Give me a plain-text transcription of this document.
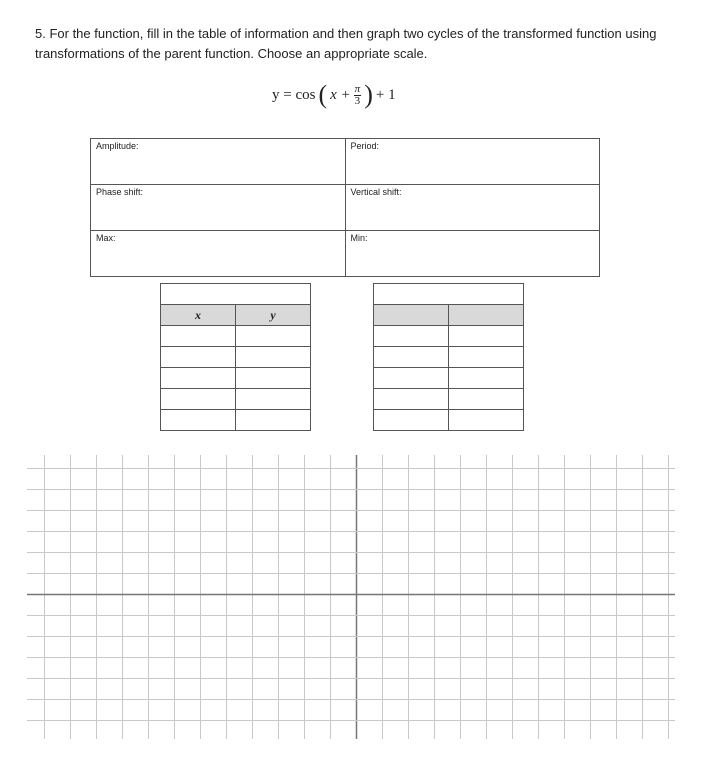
5. For the function, fill in the table of information and then graph two cycles of the transformed function using transformations of the parent function. Choose an appropriate scale.
y = cos ( $x + \frac{\pi}{3}$ ) + 1
Amplitude:	Period:
Phase shift:	Vertical shift:
Max:	Min:

x	y
